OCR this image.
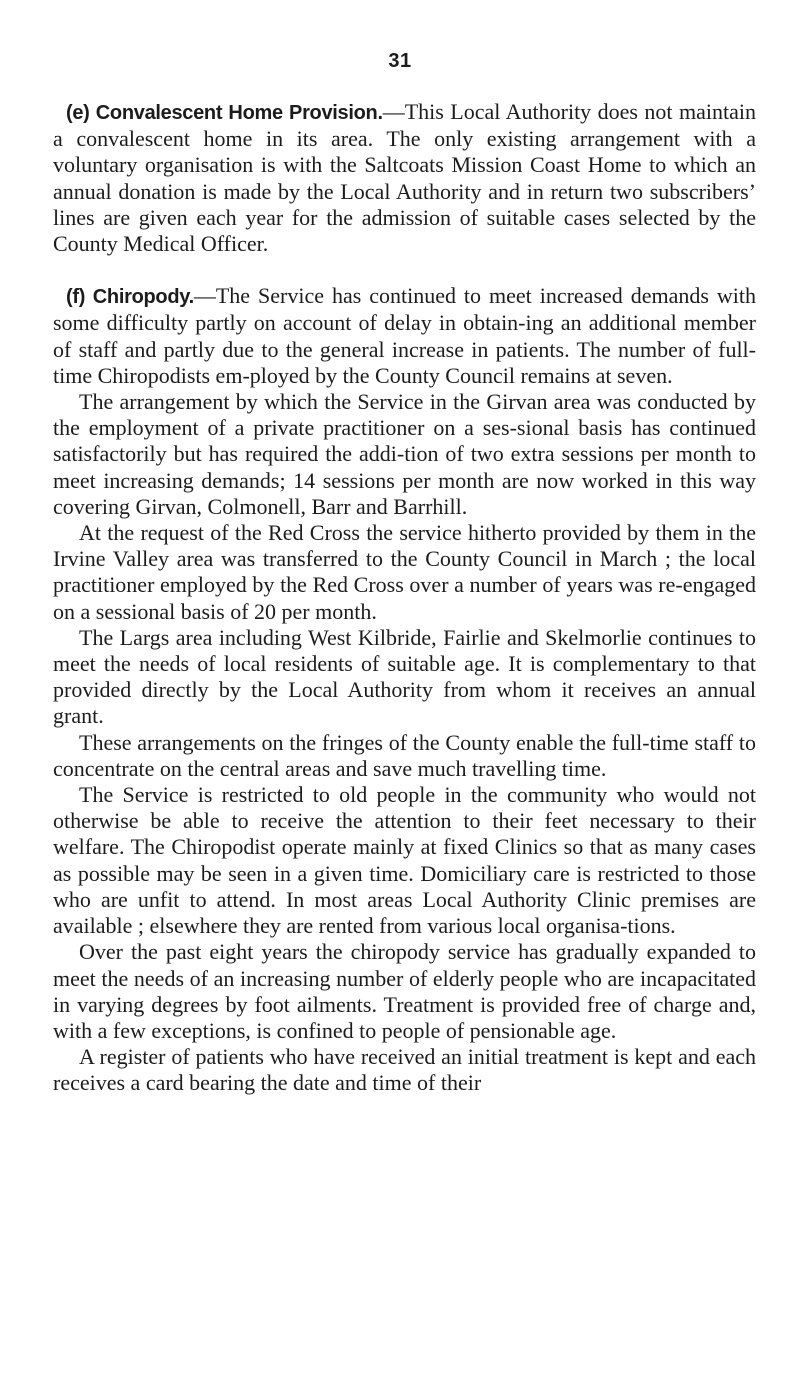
31

(e) Convalescent Home Provision.—This Local Authority does not maintain a convalescent home in its area. The only existing arrangement with a voluntary organisation is with the Saltcoats Mission Coast Home to which an annual donation is made by the Local Authority and in return two subscribers’ lines are given each year for the admission of suitable cases selected by the County Medical Officer.

(f) Chiropody.—The Service has continued to meet increased demands with some difficulty partly on account of delay in obtain-ing an additional member of staff and partly due to the general increase in patients. The number of full-time Chiropodists em-ployed by the County Council remains at seven.

The arrangement by which the Service in the Girvan area was conducted by the employment of a private practitioner on a ses-sional basis has continued satisfactorily but has required the addi-tion of two extra sessions per month to meet increasing demands; 14 sessions per month are now worked in this way covering Girvan, Colmonell, Barr and Barrhill.

At the request of the Red Cross the service hitherto provided by them in the Irvine Valley area was transferred to the County Council in March ; the local practitioner employed by the Red Cross over a number of years was re-engaged on a sessional basis of 20 per month.

The Largs area including West Kilbride, Fairlie and Skelmorlie continues to meet the needs of local residents of suitable age. It is complementary to that provided directly by the Local Authority from whom it receives an annual grant.

These arrangements on the fringes of the County enable the full-time staff to concentrate on the central areas and save much travelling time.

The Service is restricted to old people in the community who would not otherwise be able to receive the attention to their feet necessary to their welfare. The Chiropodist operate mainly at fixed Clinics so that as many cases as possible may be seen in a given time. Domiciliary care is restricted to those who are unfit to attend. In most areas Local Authority Clinic premises are available ; elsewhere they are rented from various local organisa-tions.

Over the past eight years the chiropody service has gradually expanded to meet the needs of an increasing number of elderly people who are incapacitated in varying degrees by foot ailments. Treatment is provided free of charge and, with a few exceptions, is confined to people of pensionable age.

A register of patients who have received an initial treatment is kept and each receives a card bearing the date and time of their
